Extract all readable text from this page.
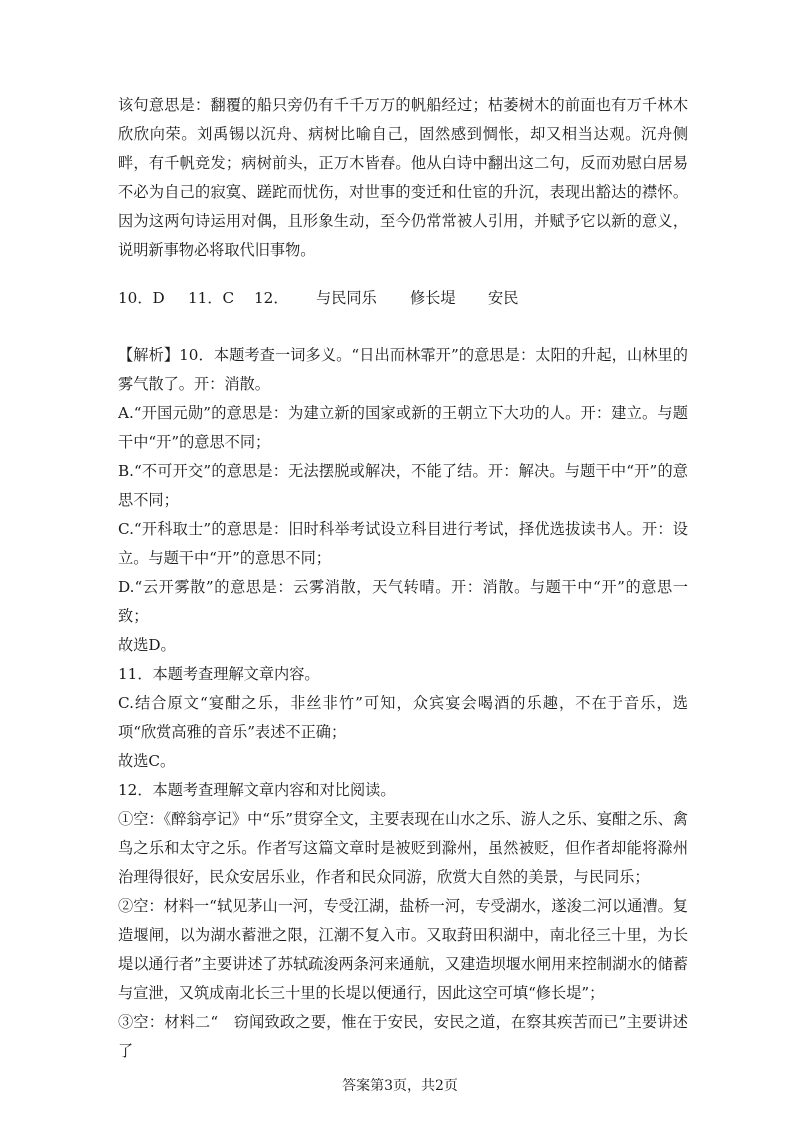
该句意思是：翻覆的船只旁仍有千千万万的帆船经过；枯萎树木的前面也有万千林木欣欣向荣。刘禹锡以沉舟、病树比喻自己，固然感到惆怅，却又相当达观。沉舟侧畔，有千帆竞发；病树前头，正万木皆春。他从白诗中翻出这二句，反而劝慰白居易不必为自己的寂寞、蹉跎而忧伤，对世事的变迁和仕宦的升沉，表现出豁达的襟怀。因为这两句诗运用对偶，且形象生动，至今仍常常被人引用，并赋予它以新的意义，说明新事物必将取代旧事物。

10．D 11．C 12． 与民同乐 修长堤 安民

【解析】10．本题考查一词多义。“日出而林霏开”的意思是：太阳的升起，山林里的雾气散了。开：消散。

A.“开国元勋”的意思是：为建立新的国家或新的王朝立下大功的人。开：建立。与题干中“开”的意思不同；

B.“不可开交”的意思是：无法摆脱或解决，不能了结。开：解决。与题干中“开”的意思不同；

C.“开科取士”的意思是：旧时科举考试设立科目进行考试，择优选拔读书人。开：设立。与题干中“开”的意思不同；

D.“云开雾散”的意思是：云雾消散，天气转晴。开：消散。与题干中“开”的意思一致；

故选D。

11．本题考查理解文章内容。

C.结合原文“宴酣之乐，非丝非竹”可知，众宾宴会喝酒的乐趣，不在于音乐，选项“欣赏高雅的音乐”表述不正确；

故选C。

12．本题考查理解文章内容和对比阅读。

①空：《醉翁亭记》中“乐”贯穿全文，主要表现在山水之乐、游人之乐、宴酣之乐、禽鸟之乐和太守之乐。作者写这篇文章时是被贬到滁州，虽然被贬，但作者却能将滁州治理得很好，民众安居乐业，作者和民众同游，欣赏大自然的美景，与民同乐；

②空：材料一“轼见茅山一河，专受江湖，盐桥一河，专受湖水，遂浚二河以通漕。复造堰闸，以为湖水蓄泄之限，江潮不复入市。又取葑田积湖中，南北径三十里，为长堤以通行者”主要讲述了苏轼疏浚两条河来通航，又建造坝堰水闸用来控制湖水的储蓄与宣泄，又筑成南北长三十里的长堤以便通行，因此这空可填“修长堤”；

③空：材料二“　窃闻致政之要，惟在于安民，安民之道，在察其疾苦而已”主要讲述了

答案第3页，共2页
